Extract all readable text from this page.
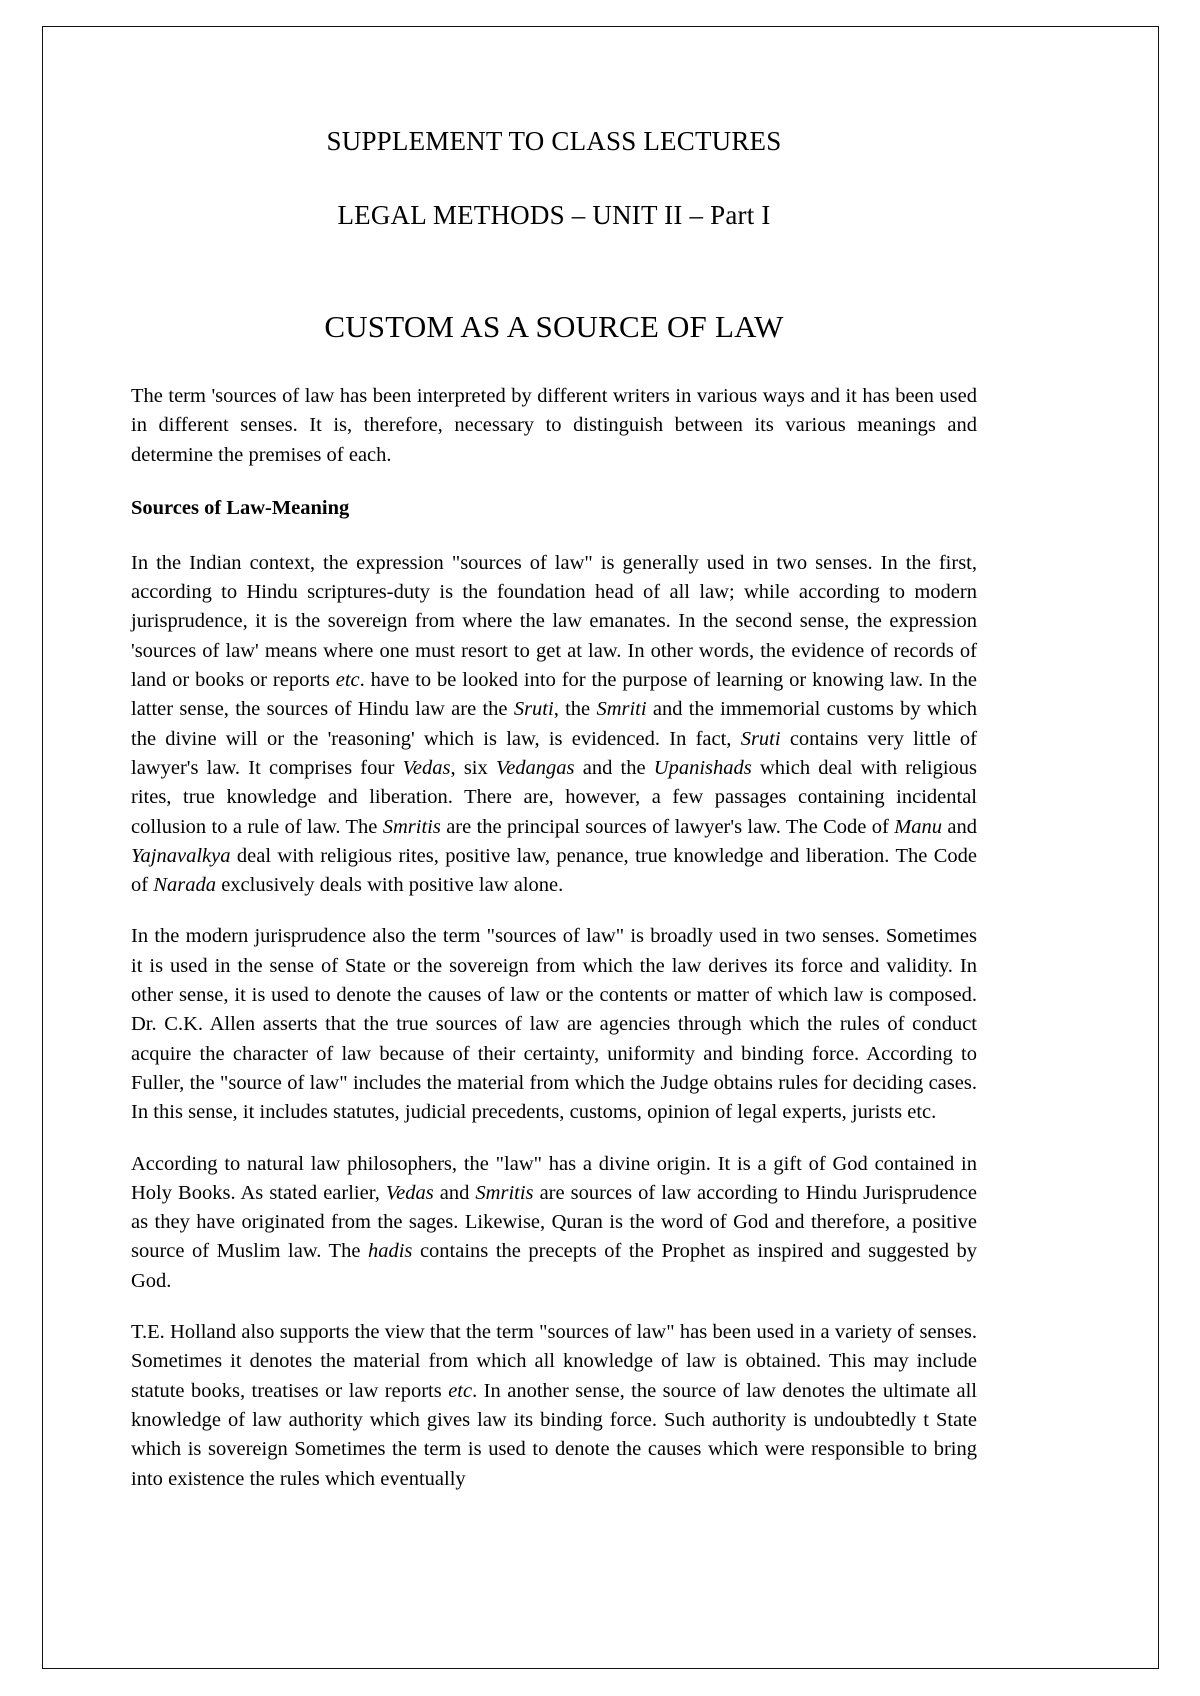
SUPPLEMENT TO CLASS LECTURES
LEGAL METHODS – UNIT II – Part I
CUSTOM AS A SOURCE OF LAW

The term 'sources of law has been interpreted by different writers in various ways and it has been used in different senses. It is, therefore, necessary to distinguish between its various meanings and determine the premises of each.

Sources of Law-Meaning

In the Indian context, the expression "sources of law" is generally used in two senses. In the first, according to Hindu scriptures-duty is the foundation head of all law; while according to modern jurisprudence, it is the sovereign from where the law emanates. In the second sense, the expression 'sources of law' means where one must resort to get at law. In other words, the evidence of records of land or books or reports etc. have to be looked into for the purpose of learning or knowing law. In the latter sense, the sources of Hindu law are the Sruti, the Smriti and the immemorial customs by which the divine will or the 'reasoning' which is law, is evidenced. In fact, Sruti contains very little of lawyer's law. It comprises four Vedas, six Vedangas and the Upanishads which deal with religious rites, true knowledge and liberation. There are, however, a few passages containing incidental collusion to a rule of law. The Smritis are the principal sources of lawyer's law. The Code of Manu and Yajnavalkya deal with religious rites, positive law, penance, true knowledge and liberation. The Code of Narada exclusively deals with positive law alone.

In the modern jurisprudence also the term "sources of law" is broadly used in two senses. Sometimes it is used in the sense of State or the sovereign from which the law derives its force and validity. In other sense, it is used to denote the causes of law or the contents or matter of which law is composed. Dr. C.K. Allen asserts that the true sources of law are agencies through which the rules of conduct acquire the character of law because of their certainty, uniformity and binding force. According to Fuller, the "source of law" includes the material from which the Judge obtains rules for deciding cases. In this sense, it includes statutes, judicial precedents, customs, opinion of legal experts, jurists etc.

According to natural law philosophers, the "law" has a divine origin. It is a gift of God contained in Holy Books. As stated earlier, Vedas and Smritis are sources of law according to Hindu Jurisprudence as they have originated from the sages. Likewise, Quran is the word of God and therefore, a positive source of Muslim law. The hadis contains the precepts of the Prophet as inspired and suggested by God.

T.E. Holland also supports the view that the term "sources of law" has been used in a variety of senses. Sometimes it denotes the material from which all knowledge of law is obtained. This may include statute books, treatises or law reports etc. In another sense, the source of law denotes the ultimate all knowledge of law authority which gives law its binding force. Such authority is undoubtedly t State which is sovereign Sometimes the term is used to denote the causes which were responsible to bring into existence the rules which eventually
